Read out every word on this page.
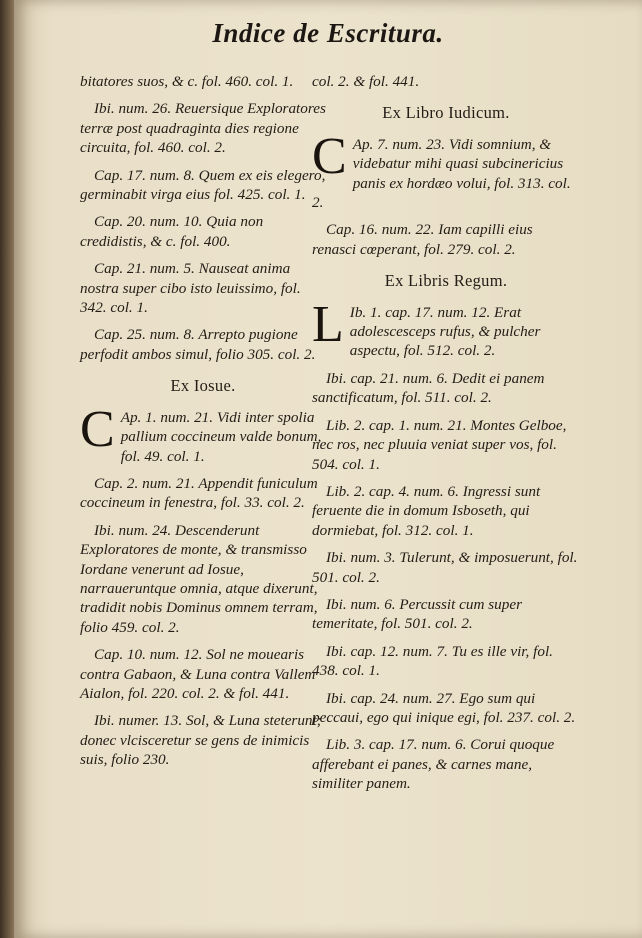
Indice de Escritura.
bitatores suos, & c. fol. 460. col. 1.
Ibi. num. 26. Reuersique Exploratores terræ post quadraginta dies regione circuita, fol. 460. col. 2.
Cap. 17. num. 8. Quem ex eis elegero, germinabit virga eius fol. 425. col. 1.
Cap. 20. num. 10. Quia non credidistis, & c. fol. 400.
Cap. 21. num. 5. Nauseat anima nostra super cibo isto leuissimo, fol. 342. col. 1.
Cap. 25. num. 8. Arrepto pugione perfodit ambos simul, folio 305. col. 2.
Ex Iosue.
C Ap. 1. num. 21. Vidi inter spolia pallium coccineum valde bonum, fol. 49. col. 1.
Cap. 2. num. 21. Appendit funiculum coccineum in fenestra, fol. 33. col. 2.
Ibi. num. 24. Descenderunt Exploratores de monte, & transmisso Iordane venerunt ad Iosue, narraueruntque omnia, atque dixerunt, tradidit nobis Dominus omnem terram, folio 459. col. 2.
Cap. 10. num. 12. Sol ne mouearis contra Gabaon, & Luna contra Vallem Aialon, fol. 220. col. 2. & fol. 441.
Ibi. numer. 13. Sol, & Luna steterunt; donec vlcisceretur se gens de inimicis suis, folio 230.
col. 2. & fol. 441.
Ex Libro Iudicum.
C Ap. 7. num. 23. Vidi somnium, & videbatur mihi quasi subcinericius panis ex hordæo volui, fol. 313. col. 2.
Cap. 16. num. 22. Iam capilli eius renasci cœperant, fol. 279. col. 2.
Ex Libris Regum.
L Ib. 1. cap. 17. num. 12. Erat adolescesceps rufus, & pulcher aspectu, fol. 512. col. 2.
Ibi. cap. 21. num. 6. Dedit ei panem sanctificatum, fol. 511. col. 2.
Lib. 2. cap. 1. num. 21. Montes Gelboe, nec ros, nec pluuia veniat super vos, fol. 504. col. 1.
Lib. 2. cap. 4. num. 6. Ingressi sunt feruente die in domum Isboseth, qui dormiebat, fol. 312. col. 1.
Ibi. num. 3. Tulerunt, & imposuerunt, fol. 501. col. 2.
Ibi. num. 6. Percussit cum super temeritate, fol. 501. col. 2.
Ibi. cap. 12. num. 7. Tu es ille vir, fol. 438. col. 1.
Ibi. cap. 24. num. 27. Ego sum qui peccaui, ego qui inique egi, fol. 237. col. 2.
Lib. 3. cap. 17. num. 6. Corui quoque afferebant ei panes, & carnes mane, similiter panem.
